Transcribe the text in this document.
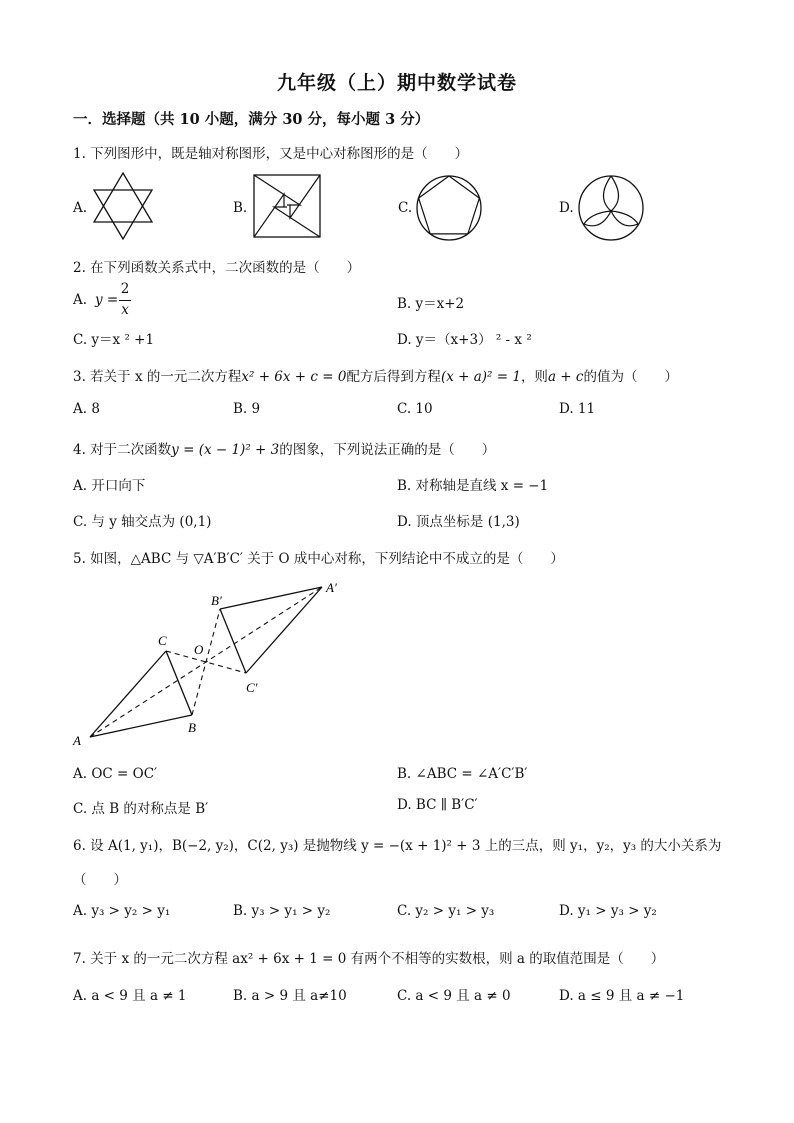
九年级（上）期中数学试卷
一．选择题（共 10 小题，满分 30 分，每小题 3 分）
1. 下列图形中，既是轴对称图形，又是中心对称图形的是（　　）
A.	B.	C.	D.
2. 在下列函数关系式中，二次函数的是（　　）
A. y =
2
x	B. y＝x+2
C. y＝x ² +1	D. y＝（x+3） ² - x ²
3. 若关于 x 的一元二次方程x² + 6x + c = 0配方后得到方程(x + a)² = 1，则a + c的值为（　　）
A. 8	B. 9	C. 10	D. 11
4. 对于二次函数y = (x − 1)² + 3的图象，下列说法正确的是（　　）
A. 开口向下	B. 对称轴是直线 x = −1
C. 与 y 轴交点为 (0,1)	D. 顶点坐标是 (1,3)
5. 如图，△ABC 与 ▽A′B′C′ 关于 O 成中心对称，下列结论中不成立的是（　　）
A
B
C
O
A′
B′
C′
A. OC = OC′	B. ∠ABC = ∠A′C′B′
C. 点 B 的对称点是 B′	D. BC ∥ B′C′
6. 设 A(1, y₁)，B(−2, y₂)，C(2, y₃) 是抛物线 y = −(x + 1)² + 3 上的三点，则 y₁，y₂，y₃ 的大小关系为
（　　）
A. y₃ > y₂ > y₁	B. y₃ > y₁ > y₂	C. y₂ > y₁ > y₃	D. y₁ > y₃ > y₂
7. 关于 x 的一元二次方程 ax² + 6x + 1 = 0 有两个不相等的实数根，则 a 的取值范围是（　　）
A. a < 9 且 a ≠ 1	B. a > 9 且 a≠10	C. a < 9 且 a ≠ 0	D. a ≤ 9 且 a ≠ −1
